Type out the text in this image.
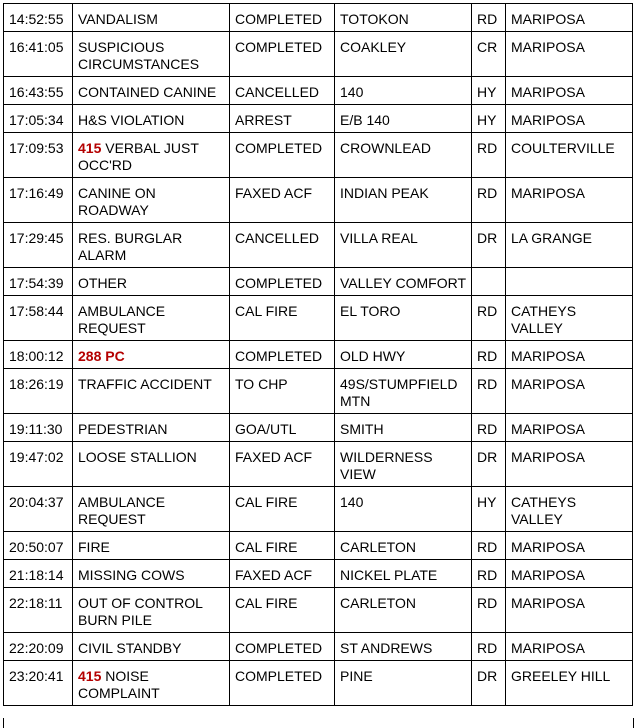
14:52:55	VANDALISM	COMPLETED	TOTOKON	RD	MARIPOSA
16:41:05	SUSPICIOUS CIRCUMSTANCES	COMPLETED	COAKLEY	CR	MARIPOSA
16:43:55	CONTAINED CANINE	CANCELLED	140	HY	MARIPOSA
17:05:34	H&S VIOLATION	ARREST	E/B 140	HY	MARIPOSA
17:09:53	415 VERBAL JUST OCC'RD	COMPLETED	CROWNLEAD	RD	COULTERVILLE
17:16:49	CANINE ON ROADWAY	FAXED ACF	INDIAN PEAK	RD	MARIPOSA
17:29:45	RES. BURGLAR ALARM	CANCELLED	VILLA REAL	DR	LA GRANGE
17:54:39	OTHER	COMPLETED	VALLEY COMFORT		
17:58:44	AMBULANCE REQUEST	CAL FIRE	EL TORO	RD	CATHEYS VALLEY
18:00:12	288 PC	COMPLETED	OLD HWY	RD	MARIPOSA
18:26:19	TRAFFIC ACCIDENT	TO CHP	49S/STUMPFIELD MTN	RD	MARIPOSA
19:11:30	PEDESTRIAN	GOA/UTL	SMITH	RD	MARIPOSA
19:47:02	LOOSE STALLION	FAXED ACF	WILDERNESS VIEW	DR	MARIPOSA
20:04:37	AMBULANCE REQUEST	CAL FIRE	140	HY	CATHEYS VALLEY
20:50:07	FIRE	CAL FIRE	CARLETON	RD	MARIPOSA
21:18:14	MISSING COWS	FAXED ACF	NICKEL PLATE	RD	MARIPOSA
22:18:11	OUT OF CONTROL BURN PILE	CAL FIRE	CARLETON	RD	MARIPOSA
22:20:09	CIVIL STANDBY	COMPLETED	ST ANDREWS	RD	MARIPOSA
23:20:41	415 NOISE COMPLAINT	COMPLETED	PINE	DR	GREELEY HILL
